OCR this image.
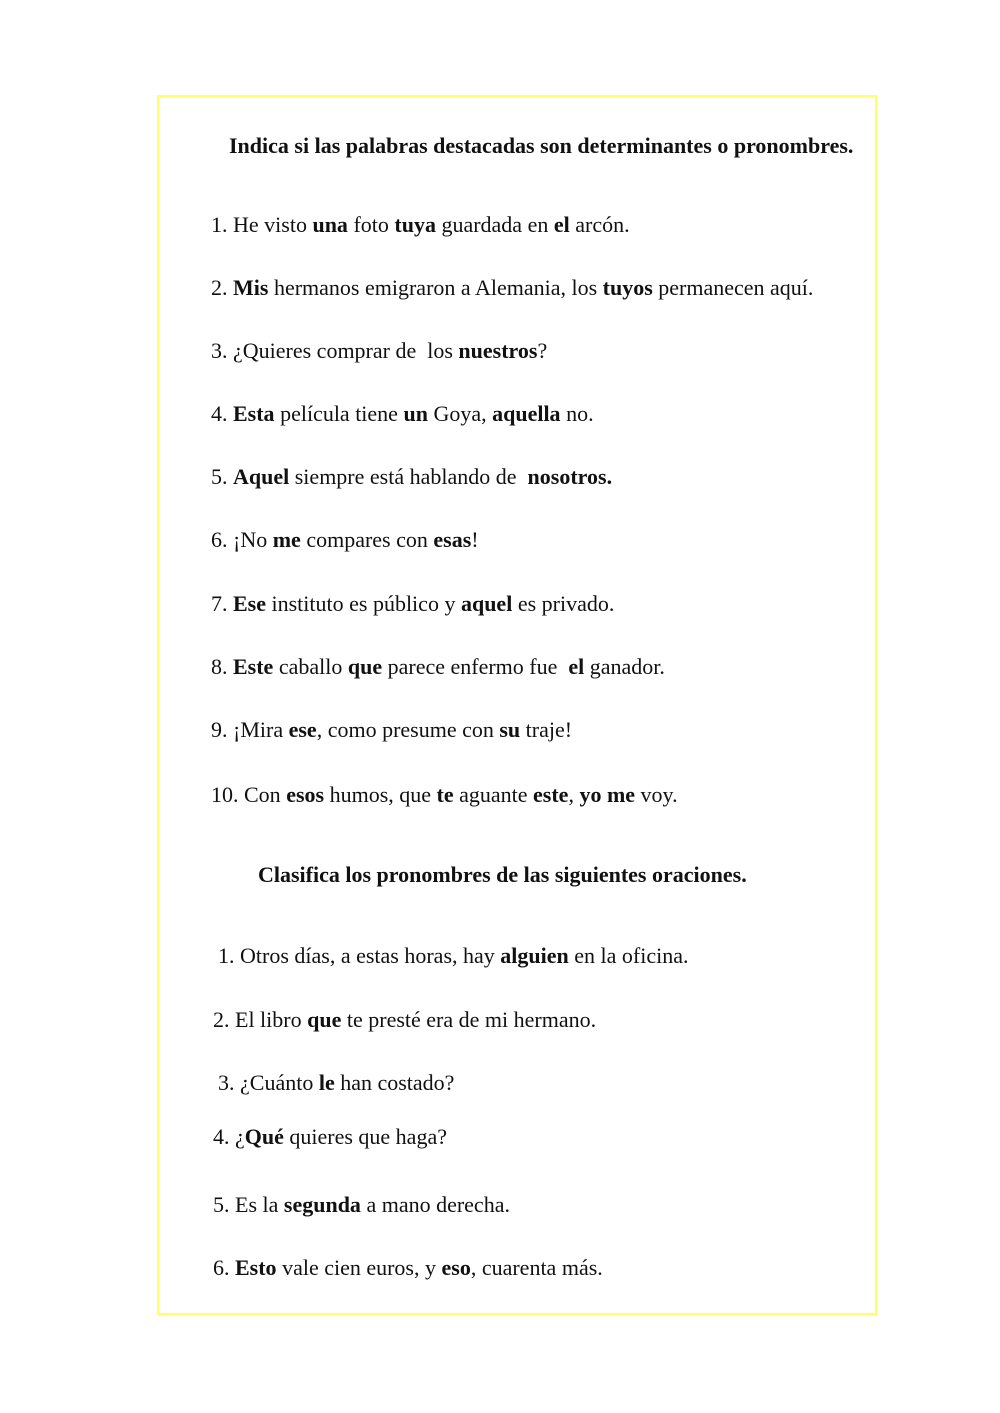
Indica si las palabras destacadas son determinantes o pronombres.
1. He visto una foto tuya guardada en el arcón.
2. Mis hermanos emigraron a Alemania, los tuyos permanecen aquí.
3. ¿Quieres comprar de  los nuestros?
4. Esta película tiene un Goya, aquella no.
5. Aquel siempre está hablando de  nosotros.
6. ¡No me compares con esas!
7. Ese instituto es público y aquel es privado.
8. Este caballo que parece enfermo fue  el ganador.
9. ¡Mira ese, como presume con su traje!
10. Con esos humos, que te aguante este, yo me voy.
Clasifica los pronombres de las siguientes oraciones.
1. Otros días, a estas horas, hay alguien en la oficina.
2. El libro que te presté era de mi hermano.
3. ¿Cuánto le han costado?
4. ¿Qué quieres que haga?
5. Es la segunda a mano derecha.
6. Esto vale cien euros, y eso, cuarenta más.
